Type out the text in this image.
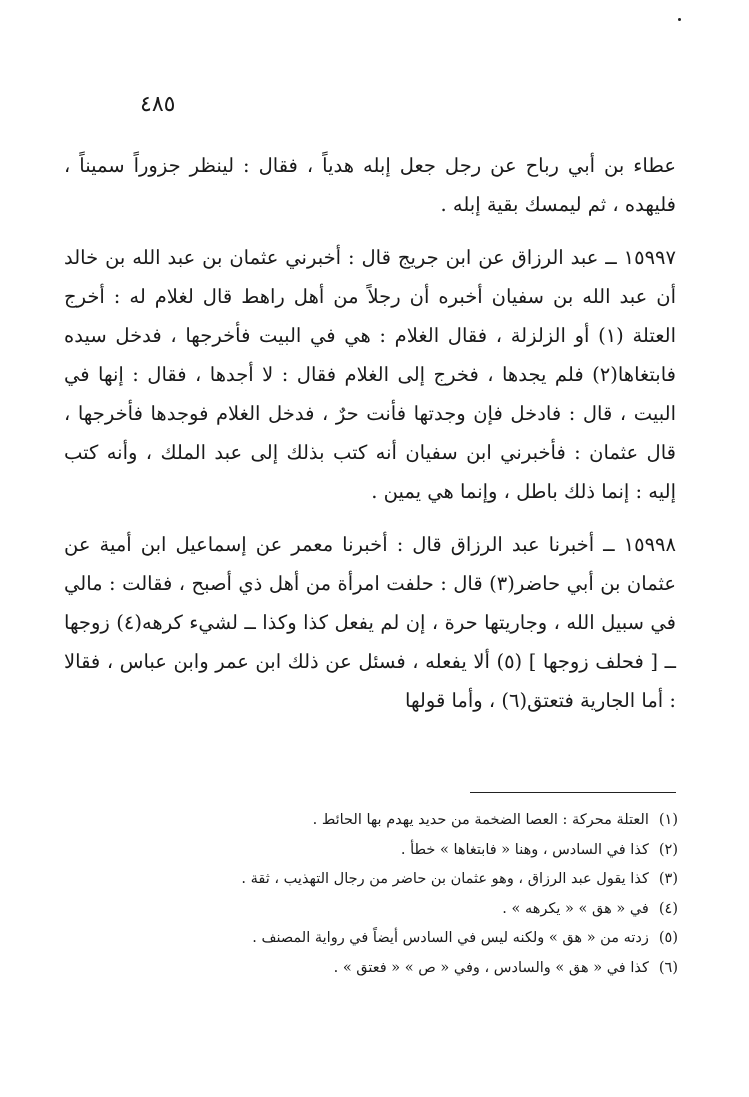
٤٨٥

عطاء بن أبي رباح عن رجل جعل إبله هدياً ، فقال : لينظر جزوراً سميناً ، فليهده ، ثم ليمسك بقية إبله .

١٥٩٩٧ ــ عبد الرزاق عن ابن جريج قال : أخبرني عثمان بن عبد الله بن خالد أن عبد الله بن سفيان أخبره أن رجلاً من أهل راهط قال لغلام له : أخرج العتلة (١) أو الزلزلة ، فقال الغلام : هي في البيت فأخرجها ، فدخل سيده فابتغاها(٢) فلم يجدها ، فخرج إلى الغلام فقال : لا أجدها ، فقال : إنها في البيت ، قال : فادخل فإن وجدتها فأنت حرٌ ، فدخل الغلام فوجدها فأخرجها ، قال عثمان : فأخبرني ابن سفيان أنه كتب بذلك إلى عبد الملك ، وأنه كتب إليه : إنما ذلك باطل ، وإنما هي يمين .

١٥٩٩٨ ــ أخبرنا عبد الرزاق قال : أخبرنا معمر عن إسماعيل ابن أمية عن عثمان بن أبي حاضر(٣) قال : حلفت امرأة من أهل ذي أصبح ، فقالت : مالي في سبيل الله ، وجاريتها حرة ، إن لم يفعل كذا وكذا ــ لشيء كرهه(٤) زوجها ــ [ فحلف زوجها ] (٥) ألا يفعله ، فسئل عن ذلك ابن عمر وابن عباس ، فقالا : أما الجارية فتعتق(٦) ، وأما قولها

(١)العتلة محركة : العصا الضخمة من حديد يهدم بها الحائط .
(٢)كذا في السادس ، وهنا « فابتغاها » خطأ .
(٣)كذا يقول عبد الرزاق ، وهو عثمان بن حاضر من رجال التهذيب ، ثقة .
(٤)في « هق » « يكرهه » .
(٥)زدته من « هق » ولكنه ليس في السادس أيضاً في رواية المصنف .
(٦)كذا في « هق » والسادس ، وفي « ص » « فعتق » .
